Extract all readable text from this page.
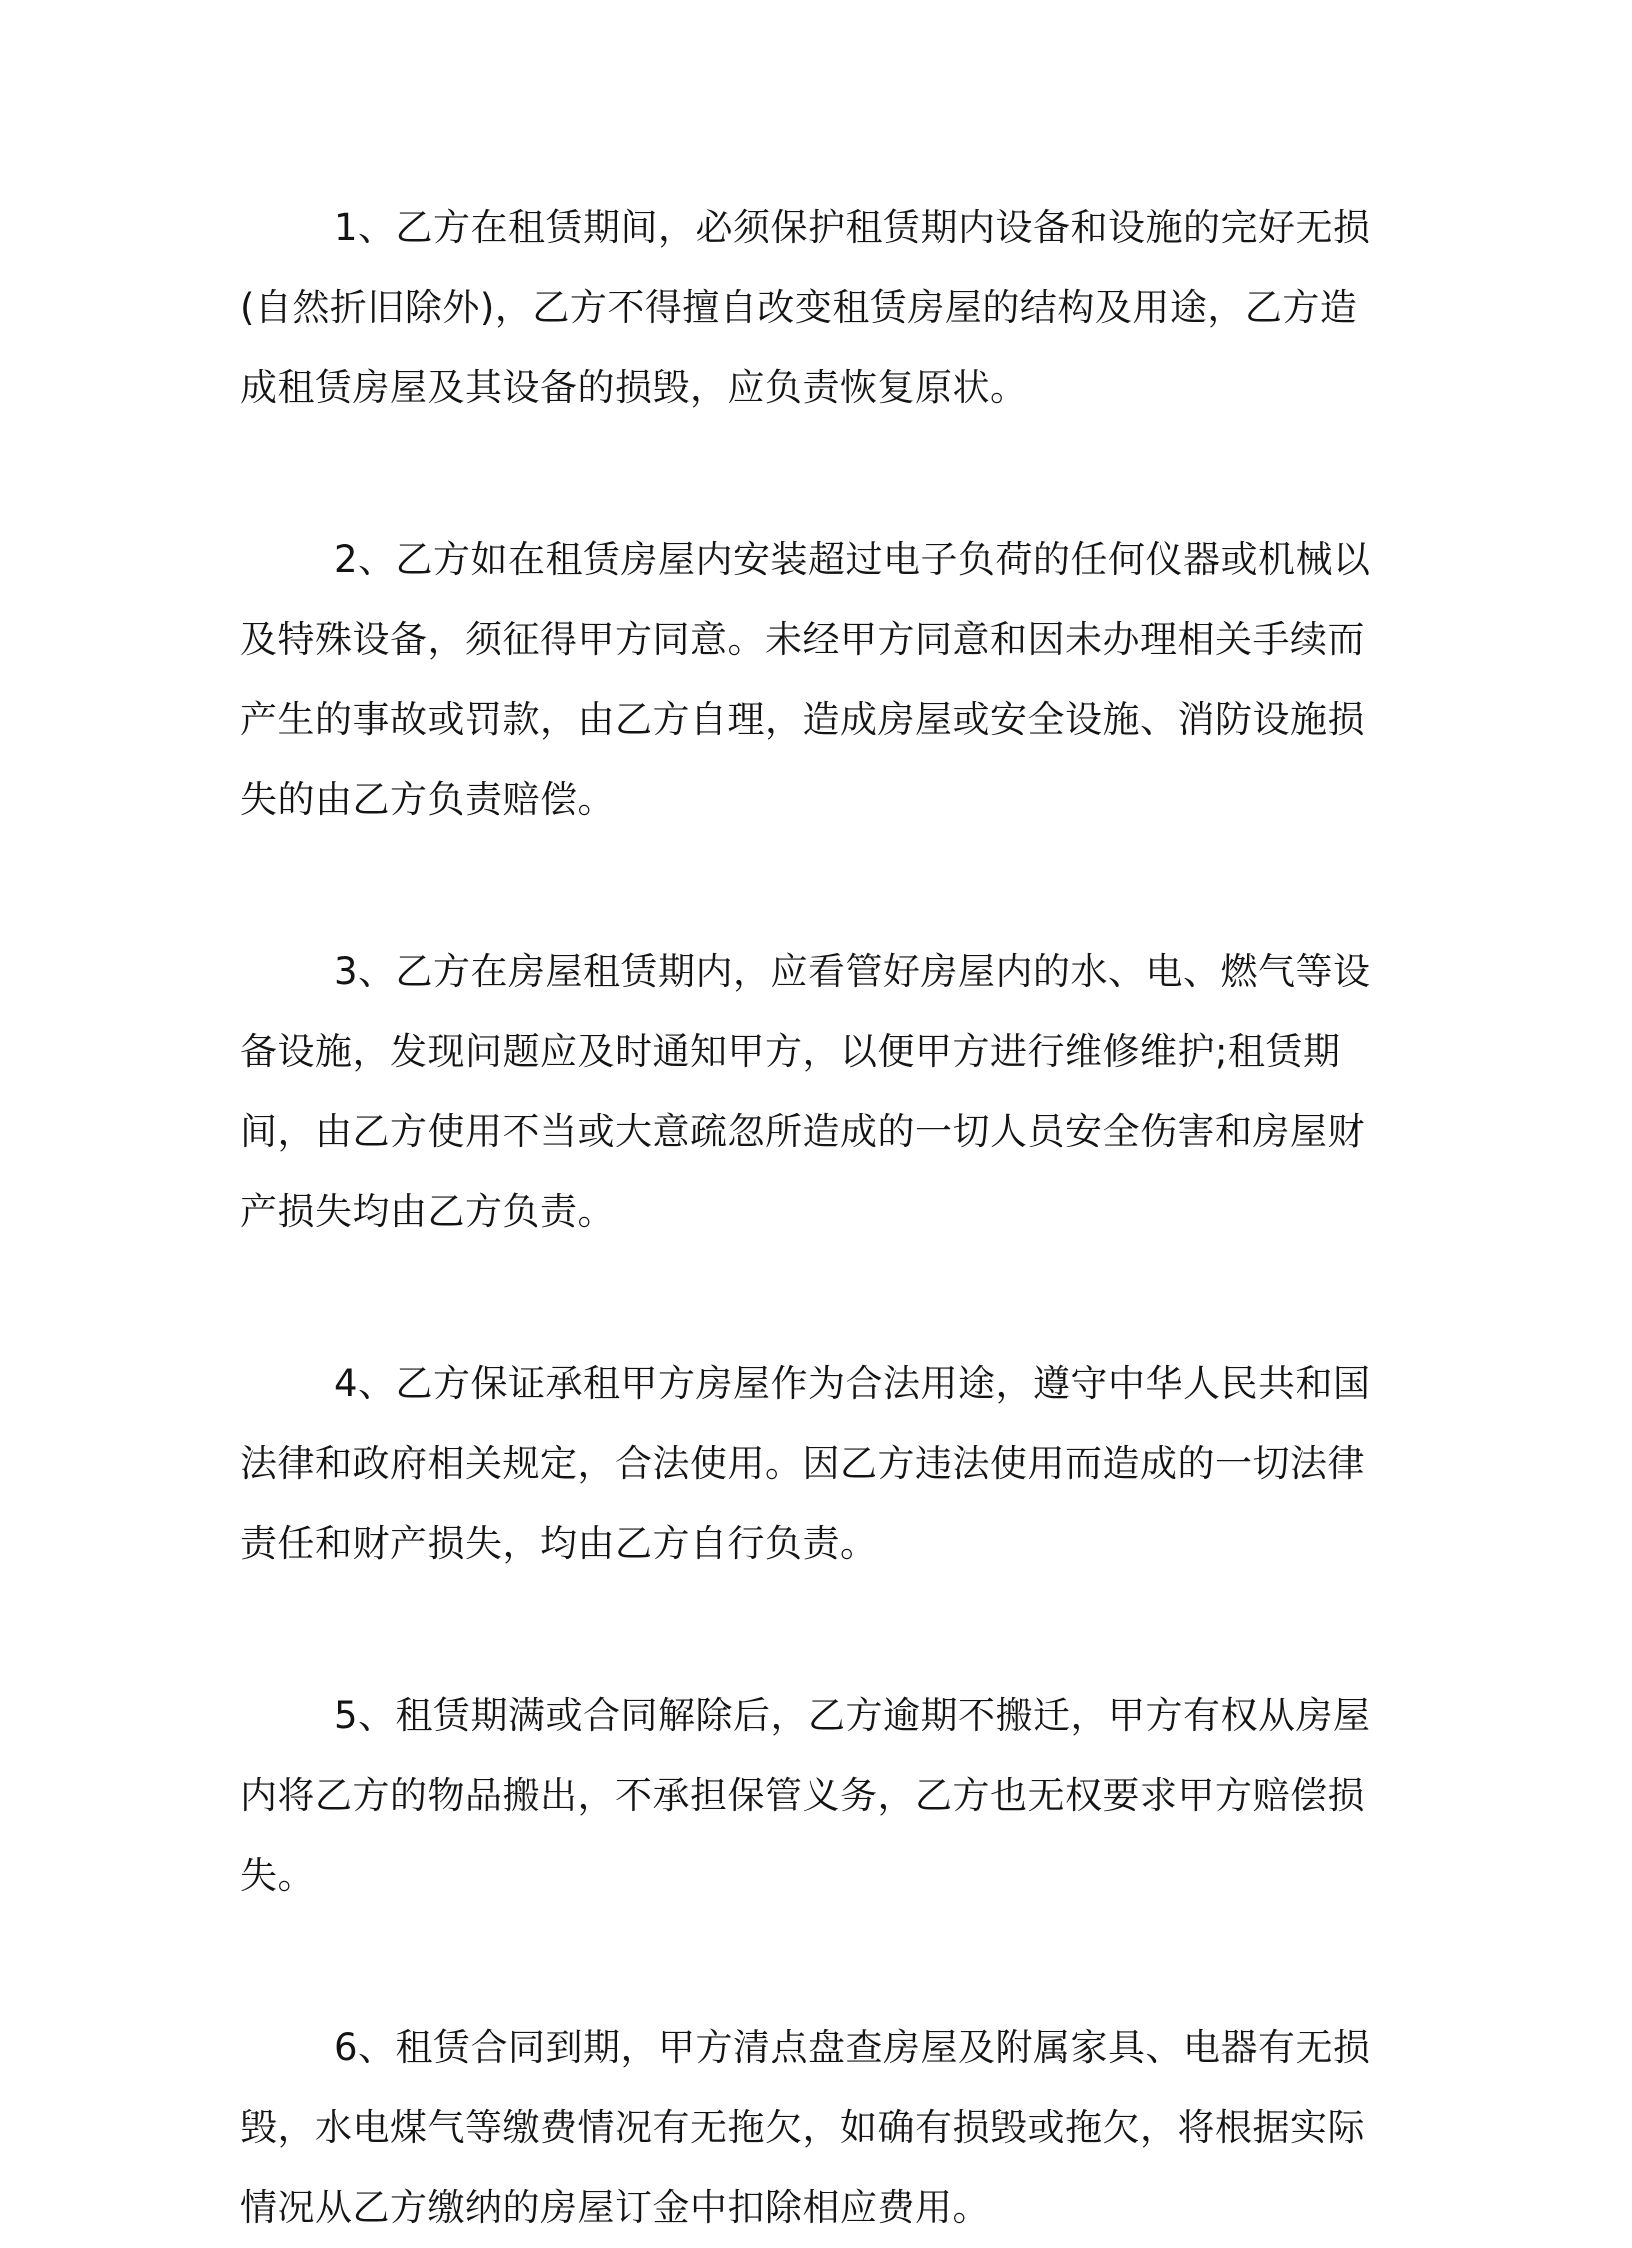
1、乙方在租赁期间，必须保护租赁期内设备和设施的完好无损(自然折旧除外)，乙方不得擅自改变租赁房屋的结构及用途，乙方造成租赁房屋及其设备的损毁，应负责恢复原状。

2、乙方如在租赁房屋内安装超过电子负荷的任何仪器或机械以及特殊设备，须征得甲方同意。未经甲方同意和因未办理相关手续而产生的事故或罚款，由乙方自理，造成房屋或安全设施、消防设施损失的由乙方负责赔偿。

3、乙方在房屋租赁期内，应看管好房屋内的水、电、燃气等设备设施，发现问题应及时通知甲方，以便甲方进行维修维护;租赁期间，由乙方使用不当或大意疏忽所造成的一切人员安全伤害和房屋财产损失均由乙方负责。

4、乙方保证承租甲方房屋作为合法用途，遵守中华人民共和国法律和政府相关规定，合法使用。因乙方违法使用而造成的一切法律责任和财产损失，均由乙方自行负责。

5、租赁期满或合同解除后，乙方逾期不搬迁，甲方有权从房屋内将乙方的物品搬出，不承担保管义务，乙方也无权要求甲方赔偿损失。

6、租赁合同到期，甲方清点盘查房屋及附属家具、电器有无损毁，水电煤气等缴费情况有无拖欠，如确有损毁或拖欠，将根据实际情况从乙方缴纳的房屋订金中扣除相应费用。
